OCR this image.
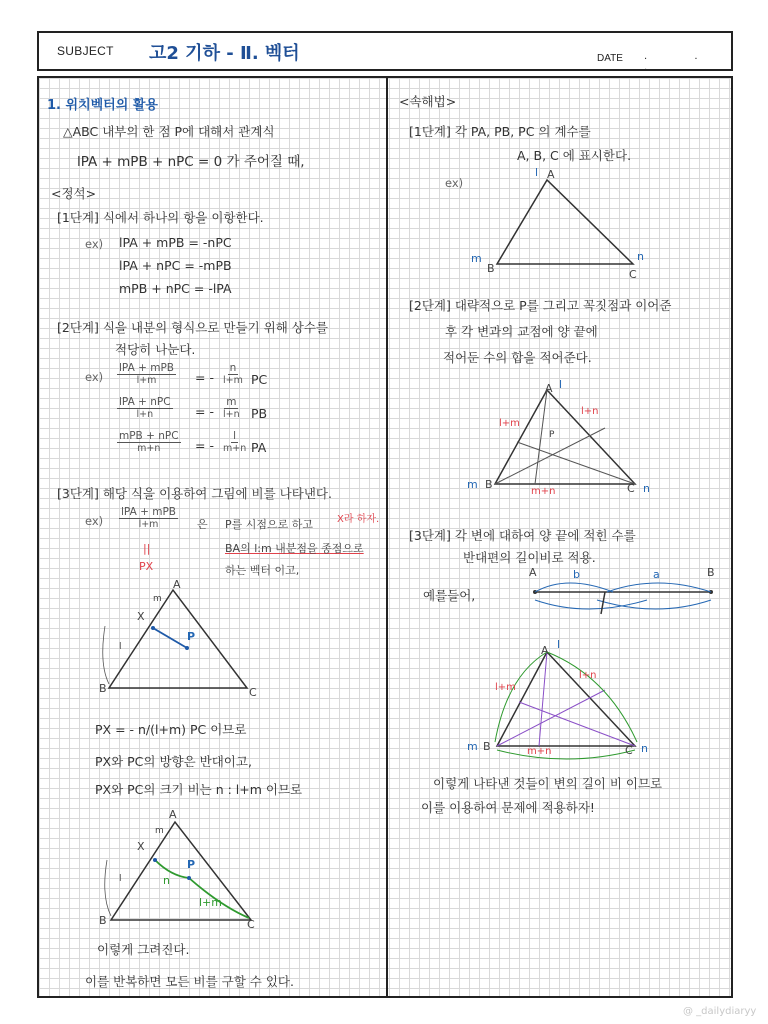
SUBJECT 고2 기하 - Ⅱ. 벡터	DATE . . .
1. 위치벡터의 활용
△ABC 내부의 한 점 P에 대해서 관계식
lPA + mPB + nPC = 0 가 주어질 때,
<정석>
[1단계] 식에서 하나의 항을 이항한다.
ex) lPA + mPB = -nPC
lPA + nPC = -mPB
mPB + nPC = -lPA
[2단계] 식을 내분의 형식으로 만들기 위해 상수를
적당히 나눈다.
ex)
lPA + mPB
l+m	= - $\frac{n}{l+m}$ PC
lPA + nPC
l+n	= - $\frac{m}{l+n}$ PB
mPB + nPC
m+n	= - $\frac{l}{m+n}$ PA
[3단계] 해당 식을 이용하여 그림에 비를 나타낸다.
ex)
lPA + mPB
l+m	은 P를 시점으로 하고 X라 하자.
BA의 l:m 내분점을 종점으로
하는 벡터 이고,
||
PX
A
B	C
P
X
m
l
PX = - n/(l+m) PC 이므로
PX와 PC의 방향은 반대이고,
PX와 PC의 크기 비는 n : l+m 이므로
A
B	C
P
X
m
l	n
l+m
이렇게 그려진다.
이를 반복하면 모든 비를 구할 수 있다.
<속해법>
[1단계] 각 PA, PB, PC 의 계수를
A, B, C 에 표시한다.
ex)
A
l
B
m
C
n
[2단계] 대략적으로 P를 그리고 꼭짓점과 이어준
후 각 변과의 교점에 양 끝에
적어둔 수의 합을 적어준다.
A l
B
m	C n
P
l+m
l+n
m+n
[3단계] 각 변에 대하여 양 끝에 적힌 수를
반대편의 길이비로 적용.
예를들어,
A	B
b	a
A l
B
m	C n
l+m
l+n
m+n
이렇게 나타낸 것들이 변의 길이 비 이므로
이를 이용하여 문제에 적용하자!
@ _dailydiaryy
